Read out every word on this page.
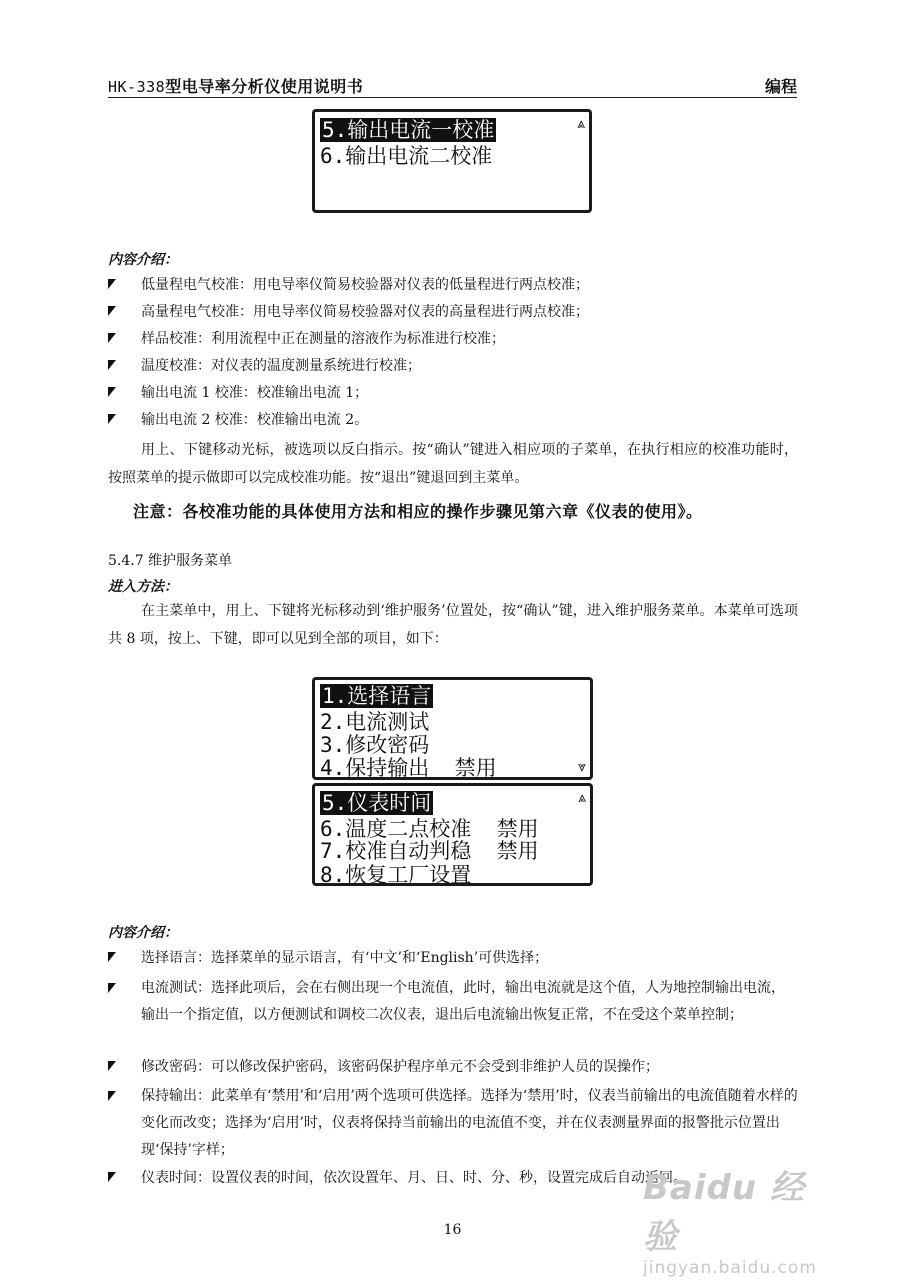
HK-338型电导率分析仪使用说明书	编程
5.输出电流一校准
6.输出电流二校准
⩓
内容介绍：
低量程电气校准：用电导率仪简易校验器对仪表的低量程进行两点校准；
高量程电气校准：用电导率仪简易校验器对仪表的高量程进行两点校准；
样品校准：利用流程中正在测量的溶液作为标准进行校准；
温度校准：对仪表的温度测量系统进行校准；
输出电流 1 校准：校准输出电流 1；
输出电流 2 校准：校准输出电流 2。
用上、下键移动光标，被选项以反白指示。按“确认”键进入相应项的子菜单，在执行相应的校准功能时，按照菜单的提示做即可以完成校准功能。按“退出”键退回到主菜单。
注意：各校准功能的具体使用方法和相应的操作步骤见第六章《仪表的使用》。
5.4.7 维护服务菜单
进入方法：
在主菜单中，用上、下键将光标移动到‘维护服务’位置处，按“确认”键，进入维护服务菜单。本菜单可选项共 8 项，按上、下键，即可以见到全部的项目，如下：
1.选择语言
2.电流测试
3.修改密码
4.保持输出  禁用	⩔
5.仪表时间
6.温度二点校准  禁用
7.校准自动判稳  禁用
8.恢复工厂设置
⩓
内容介绍：
选择语言：选择菜单的显示语言，有‘中文’和‘English’可供选择；
电流测试：选择此项后，会在右侧出现一个电流值，此时，输出电流就是这个值，人为地控制输出电流，输出一个指定值，以方便测试和调校二次仪表，退出后电流输出恢复正常，不在受这个菜单控制；
修改密码：可以修改保护密码，该密码保护程序单元不会受到非维护人员的误操作；
保持输出：此菜单有‘禁用’和‘启用’两个选项可供选择。选择为‘禁用’时，仪表当前输出的电流值随着水样的变化而改变；选择为‘启用’时，仪表将保持当前输出的电流值不变，并在仪表测量界面的报警批示位置出现‘保持’字样；
仪表时间：设置仪表的时间，依次设置年、月、日、时、分、秒，设置完成后自动返回。
16
Baidu 经验
jingyan.baidu.com
